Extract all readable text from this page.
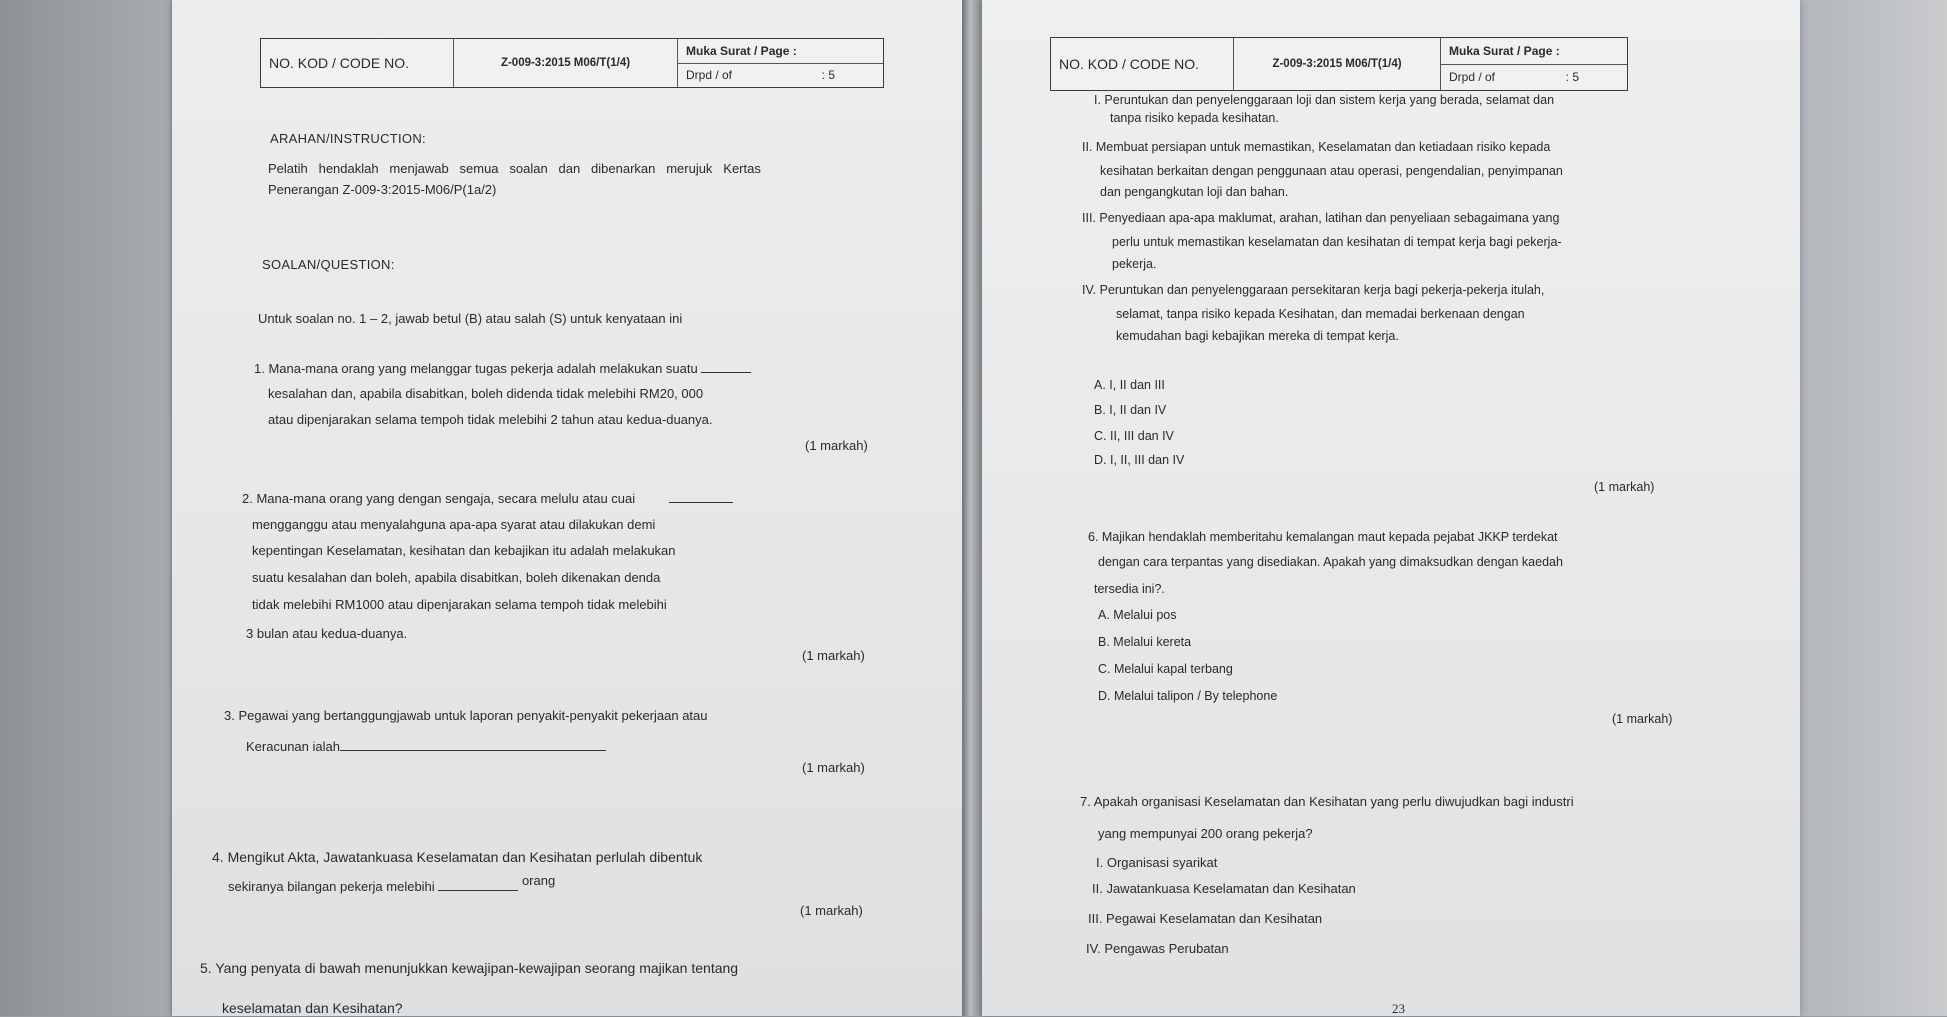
NO. KOD / CODE NO.	Z-009-3:2015 M06/T(1/4)
Muka Surat / Page :
Drpd / of	: 5
ARAHAN/INSTRUCTION:
Pelatih   hendaklah   menjawab   semua   soalan   dan   dibenarkan   merujuk   Kertas
Penerangan Z-009-3:2015-M06/P(1a/2)
SOALAN/QUESTION:
Untuk soalan no. 1 – 2, jawab betul (B) atau salah (S) untuk kenyataan ini
1. Mana-mana orang yang melanggar tugas pekerja adalah melakukan suatu
kesalahan dan, apabila disabitkan, boleh didenda tidak melebihi RM20, 000
atau dipenjarakan selama tempoh tidak melebihi 2 tahun atau kedua-duanya.
(1 markah)
2. Mana-mana orang yang dengan sengaja, secara melulu atau cuai
mengganggu atau menyalahguna apa-apa syarat atau dilakukan demi
kepentingan Keselamatan, kesihatan dan kebajikan itu adalah melakukan
suatu kesalahan dan boleh, apabila disabitkan, boleh dikenakan denda
tidak melebihi RM1000 atau dipenjarakan selama tempoh tidak melebihi
3 bulan atau kedua-duanya.
(1 markah)
3. Pegawai yang bertanggungjawab untuk laporan penyakit-penyakit pekerjaan atau
Keracunan ialah
(1 markah)
4. Mengikut Akta, Jawatankuasa Keselamatan dan Kesihatan perlulah dibentuk
sekiranya bilangan pekerja melebihi	orang
(1 markah)
5. Yang penyata di bawah menunjukkan kewajipan-kewajipan seorang majikan tentang
keselamatan dan Kesihatan?
NO. KOD / CODE NO.	Z-009-3:2015 M06/T(1/4)
Muka Surat / Page :
Drpd / of	: 5
I. Peruntukan dan penyelenggaraan loji dan sistem kerja yang berada, selamat dan
tanpa risiko kepada kesihatan.
II. Membuat persiapan untuk memastikan, Keselamatan dan ketiadaan risiko kepada
kesihatan berkaitan dengan penggunaan atau operasi, pengendalian, penyimpanan
dan pengangkutan loji dan bahan.
III. Penyediaan apa-apa maklumat, arahan, latihan dan penyeliaan sebagaimana yang
perlu untuk memastikan keselamatan dan kesihatan di tempat kerja bagi pekerja-
pekerja.
IV. Peruntukan dan penyelenggaraan persekitaran kerja bagi pekerja-pekerja itulah,
selamat, tanpa risiko kepada Kesihatan, dan memadai berkenaan dengan
kemudahan bagi kebajikan mereka di tempat kerja.
A. I, II dan III
B. I, II dan IV
C. II, III dan IV
D. I, II, III dan IV
(1 markah)
6. Majikan hendaklah memberitahu kemalangan maut kepada pejabat JKKP terdekat
dengan cara terpantas yang disediakan. Apakah yang dimaksudkan dengan kaedah
tersedia ini?.
A. Melalui pos
B. Melalui kereta
C. Melalui kapal terbang
D. Melalui talipon / By telephone
(1 markah)
7. Apakah organisasi Keselamatan dan Kesihatan yang perlu diwujudkan bagi industri
yang mempunyai 200 orang pekerja?
I. Organisasi syarikat
II. Jawatankuasa Keselamatan dan Kesihatan
III. Pegawai Keselamatan dan Kesihatan
IV. Pengawas Perubatan
23
